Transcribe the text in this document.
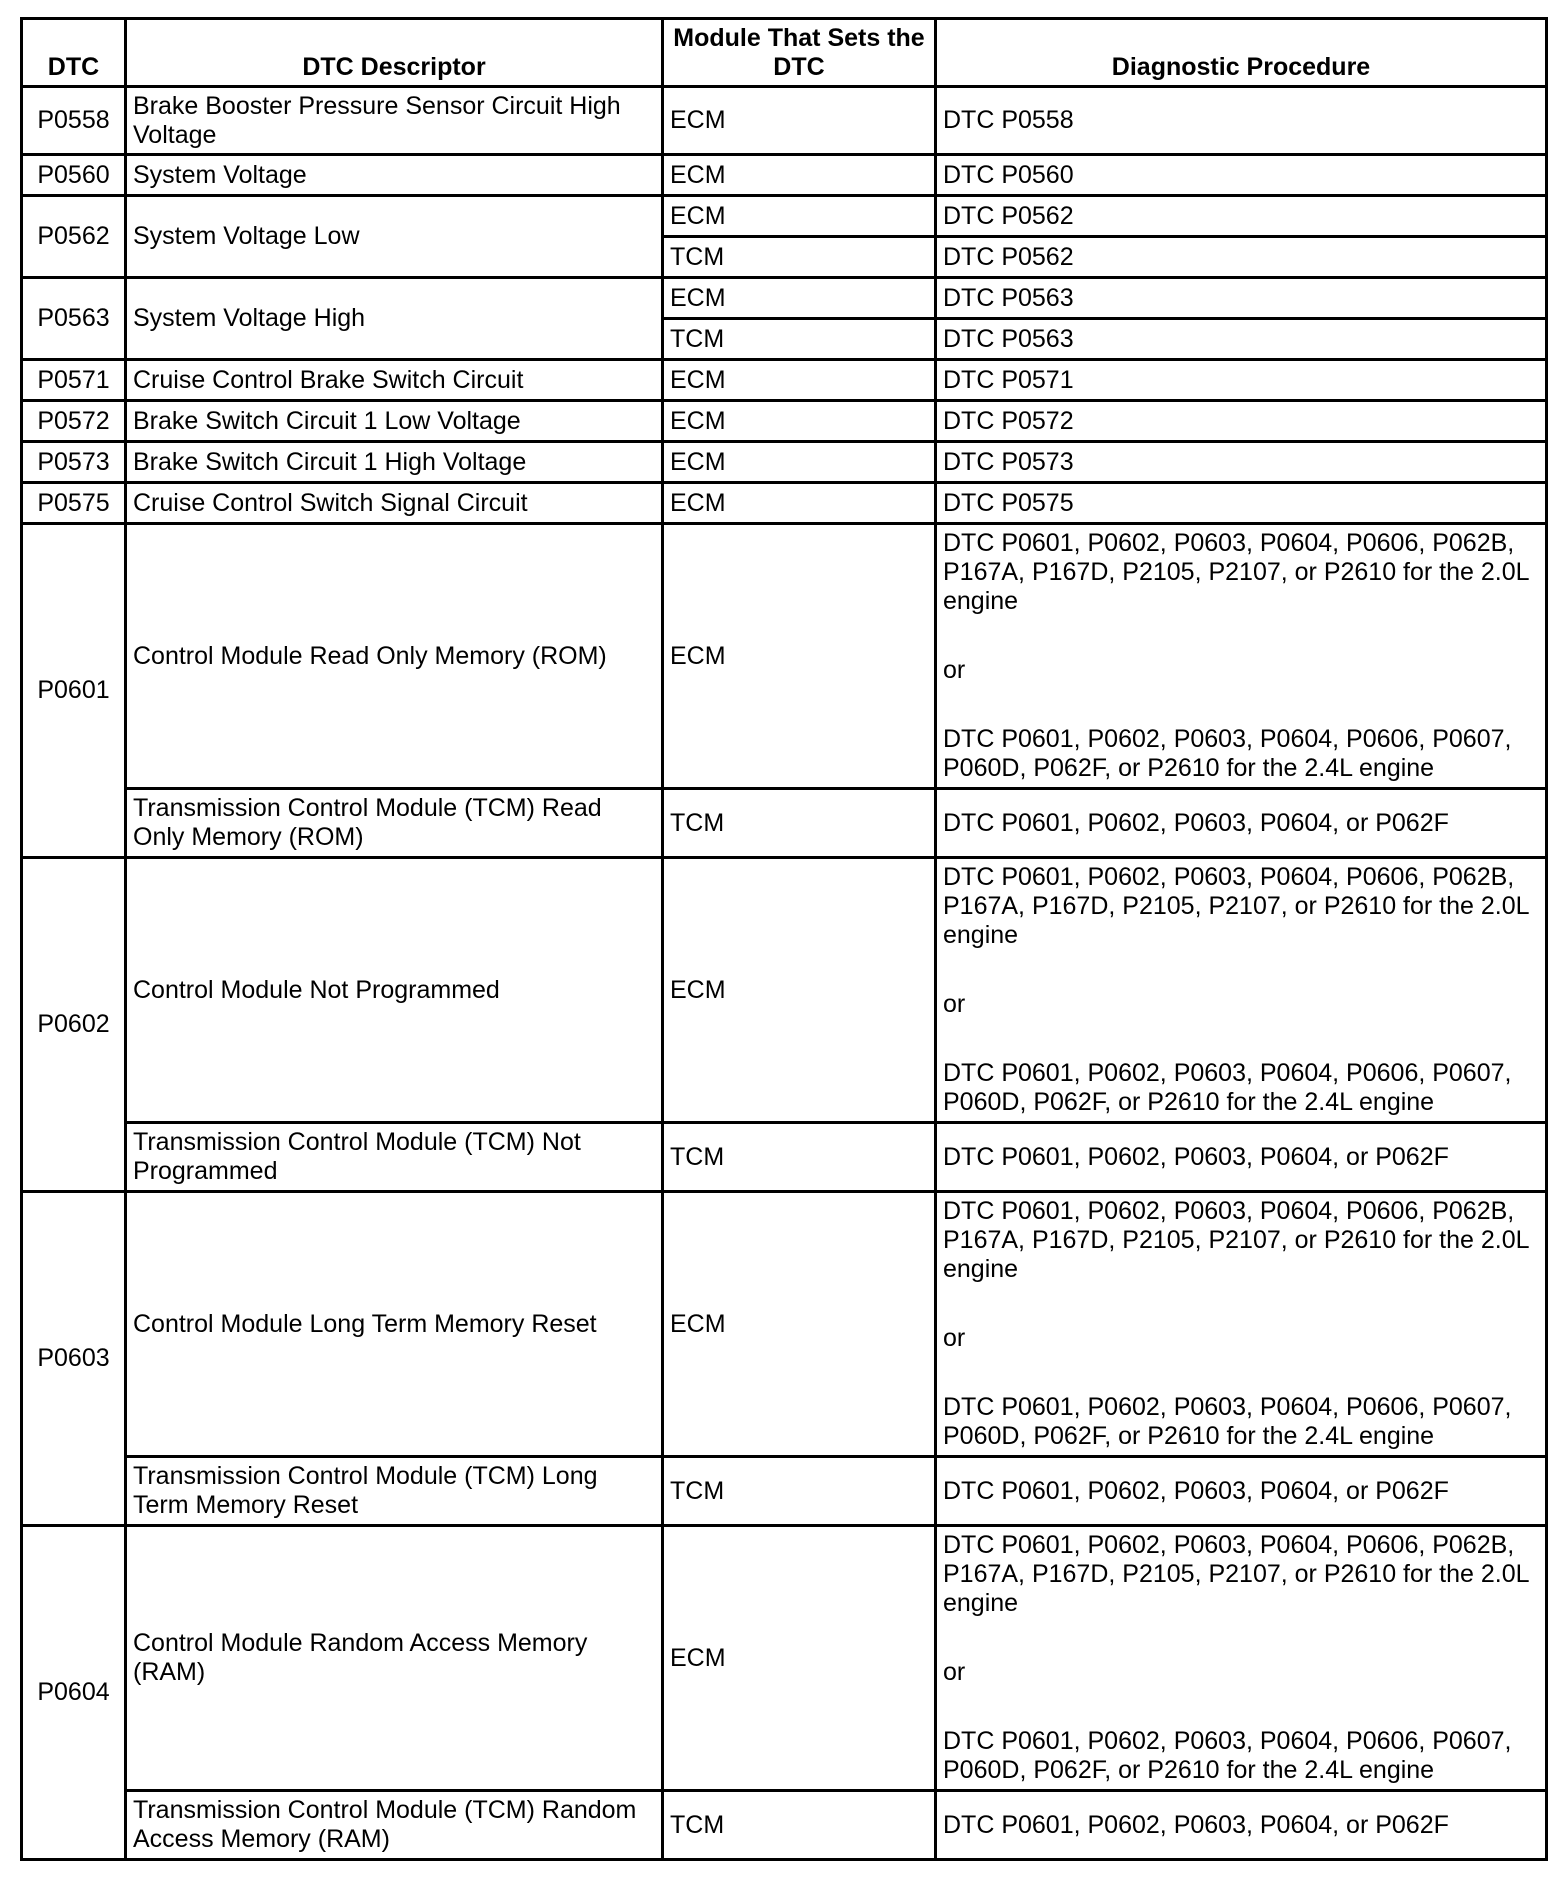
DTC	DTC Descriptor	Module That Sets the DTC	Diagnostic Procedure
P0558	Brake Booster Pressure Sensor Circuit High Voltage	ECM	DTC P0558
P0560	System Voltage	ECM	DTC P0560
P0562	System Voltage Low	ECM	DTC P0562
		TCM	DTC P0562
P0563	System Voltage High	ECM	DTC P0563
		TCM	DTC P0563
P0571	Cruise Control Brake Switch Circuit	ECM	DTC P0571
P0572	Brake Switch Circuit 1 Low Voltage	ECM	DTC P0572
P0573	Brake Switch Circuit 1 High Voltage	ECM	DTC P0573
P0575	Cruise Control Switch Signal Circuit	ECM	DTC P0575
P0601	Control Module Read Only Memory (ROM)	ECM	DTC P0601, P0602, P0603, P0604, P0606, P062B, P167A, P167D, P2105, P2107, or P2610 for the 2.0L engine
or
DTC P0601, P0602, P0603, P0604, P0606, P0607, P060D, P062F, or P2610 for the 2.4L engine
	Transmission Control Module (TCM) Read Only Memory (ROM)	TCM	DTC P0601, P0602, P0603, P0604, or P062F
P0602	Control Module Not Programmed	ECM	DTC P0601, P0602, P0603, P0604, P0606, P062B, P167A, P167D, P2105, P2107, or P2610 for the 2.0L engine
or
DTC P0601, P0602, P0603, P0604, P0606, P0607, P060D, P062F, or P2610 for the 2.4L engine
	Transmission Control Module (TCM) Not Programmed	TCM	DTC P0601, P0602, P0603, P0604, or P062F
P0603	Control Module Long Term Memory Reset	ECM	DTC P0601, P0602, P0603, P0604, P0606, P062B, P167A, P167D, P2105, P2107, or P2610 for the 2.0L engine
or
DTC P0601, P0602, P0603, P0604, P0606, P0607, P060D, P062F, or P2610 for the 2.4L engine
	Transmission Control Module (TCM) Long Term Memory Reset	TCM	DTC P0601, P0602, P0603, P0604, or P062F
P0604	Control Module Random Access Memory (RAM)	ECM	DTC P0601, P0602, P0603, P0604, P0606, P062B, P167A, P167D, P2105, P2107, or P2610 for the 2.0L engine
or
DTC P0601, P0602, P0603, P0604, P0606, P0607, P060D, P062F, or P2610 for the 2.4L engine
	Transmission Control Module (TCM) Random Access Memory (RAM)	TCM	DTC P0601, P0602, P0603, P0604, or P062F
